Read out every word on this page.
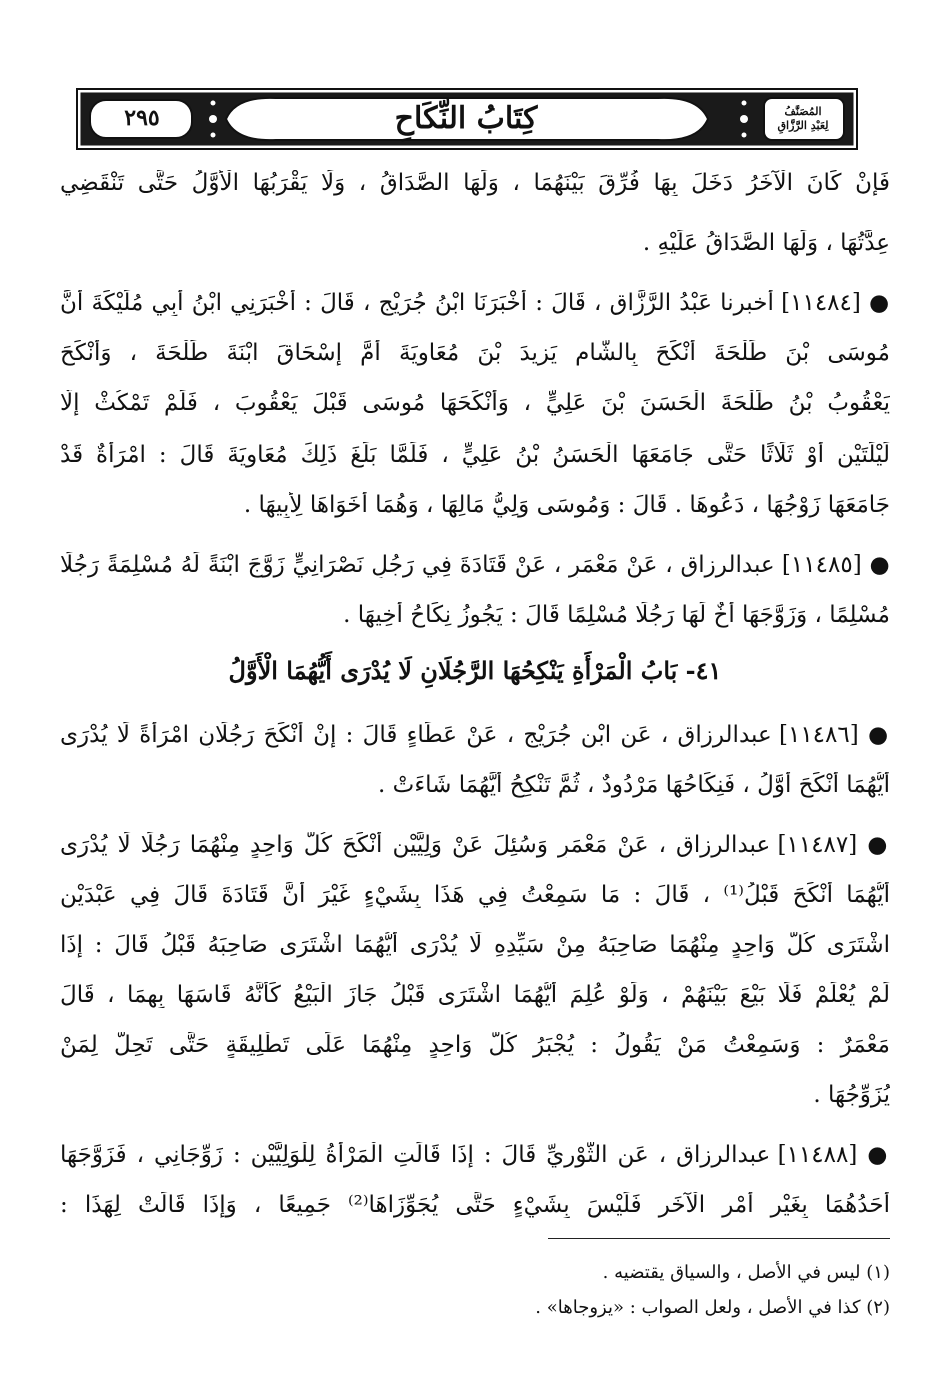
٢٩٥	كِتَابُ النِّكَاحِ	المُصَنَّفُ
لِعَبْدِ الرَّزَّاقِ
فَإِنْ كَانَ الْآخَرُ دَخَلَ بِهَا فُرِّقَ بَيْنَهُمَا ، وَلَهَا الصَّدَاقُ ، وَلَا يَقْرَبُهَا الْأَوَّلُ حَتَّى تَنْقَضِي
عِدَّتُهَا ، وَلَهَا الصَّدَاقُ عَلَيْهِ .
● [١١٤٨٤] أخبرنا عَبْدُ الرَّزَّاقِ ، قَالَ : أَخْبَرَنَا ابْنُ جُرَيْجٍ ، قَالَ : أَخْبَرَنِي ابْنُ أَبِي مُلَيْكَةَ أَنَّ
مُوسَى بْنَ طَلْحَةَ أَنْكَحَ بِالشَّامِ يَزِيدَ بْنَ مُعَاوِيَةَ أُمَّ إِسْحَاقَ ابْنَةَ طَلْحَةَ ، وَأَنْكَحَ
يَعْقُوبُ بْنُ طَلْحَةَ الْحَسَنَ بْنَ عَلِيٍّ ، وَأَنْكَحَهَا مُوسَى قَبْلَ يَعْقُوبَ ، فَلَمْ تَمْكُثْ إِلَّا
لَيْلَتَيْنِ أَوْ ثَلَاثًا حَتَّى جَامَعَهَا الْحَسَنُ بْنُ عَلِيٍّ ، فَلَمَّا بَلَغَ ذَلِكَ مُعَاوِيَةَ قَالَ : امْرَأَةٌ قَدْ
جَامَعَهَا زَوْجُهَا ، دَعُوهَا . قَالَ : وَمُوسَى وَلِيُّ مَالِهَا ، وَهُمَا أَخَوَاهَا لِأَبِيهَا .
● [١١٤٨٥] عبدالرزاق ، عَنْ مَعْمَرٍ ، عَنْ قَتَادَةَ فِي رَجُلٍ نَصْرَانِيٍّ زَوَّجَ ابْنَةً لَهُ مُسْلِمَةً رَجُلًا
مُسْلِمًا ، وَزَوَّجَهَا أَخٌ لَهَا رَجُلًا مُسْلِمًا قَالَ : يَجُوزُ نِكَاحُ أَخِيهَا .
٤١- بَابُ الْمَرْأَةِ يَنْكِحُهَا الرَّجُلَانِ لَا يُدْرَى أَيُّهُمَا الْأَوَّلُ
● [١١٤٨٦] عبدالرزاق ، عَنِ ابْنِ جُرَيْجٍ ، عَنْ عَطَاءٍ قَالَ : إِنْ أَنْكَحَ رَجُلَانِ امْرَأَةً لَا يُدْرَى
أَيُّهُمَا أَنْكَحَ أَوَّلُ ، فَنِكَاحُهَا مَرْدُودٌ ، ثُمَّ تَنْكِحُ أَيَّهُمَا شَاءَتْ .
● [١١٤٨٧] عبدالرزاق ، عَنْ مَعْمَرٍ وَسُئِلَ عَنْ وَلِيَّيْنِ أَنْكَحَ كُلُّ وَاحِدٍ مِنْهُمَا رَجُلًا لَا يُدْرَى
أَيُّهُمَا أَنْكَحَ قَبْلُ⁽¹⁾ ، قَالَ : مَا سَمِعْتُ فِي هَذَا بِشَيْءٍ غَيْرَ أَنَّ قَتَادَةَ قَالَ فِي عَبْدَيْنِ
اشْتَرَى كُلُّ وَاحِدٍ مِنْهُمَا صَاحِبَهُ مِنْ سَيِّدِهِ لَا يُدْرَى أَيُّهُمَا اشْتَرَى صَاحِبَهُ قَبْلُ قَالَ : إِذَا
لَمْ يُعْلَمْ فَلَا بَيْعَ بَيْنَهُمْ ، وَلَوْ عُلِمَ أَيُّهُمَا اشْتَرَى قَبْلُ جَازَ الْبَيْعُ كَأَنَّهُ قَاسَهَا بِهِمَا ، قَالَ
مَعْمَرٌ : وَسَمِعْتُ مَنْ يَقُولُ : يُجْبَرُ كُلُّ وَاحِدٍ مِنْهُمَا عَلَى تَطْلِيقَةٍ حَتَّى تَحِلَّ لِمَنْ
يُزَوِّجُهَا .
● [١١٤٨٨] عبدالرزاق ، عَنِ الثَّوْرِيِّ قَالَ : إِذَا قَالَتِ الْمَرْأَةُ لِلْوَلِيَّيْنِ : زَوِّجَانِي ، فَزَوَّجَهَا
أَحَدُهُمَا بِغَيْرِ أَمْرِ الْآخَرِ فَلَيْسَ بِشَيْءٍ حَتَّى يُجَوِّزَاهَا⁽²⁾ جَمِيعًا ، وَإِذَا قَالَتْ لِهَذَا :
(١) ليس في الأصل ، والسياق يقتضيه .
(٢) كذا في الأصل ، ولعل الصواب : «يزوجاها» .
